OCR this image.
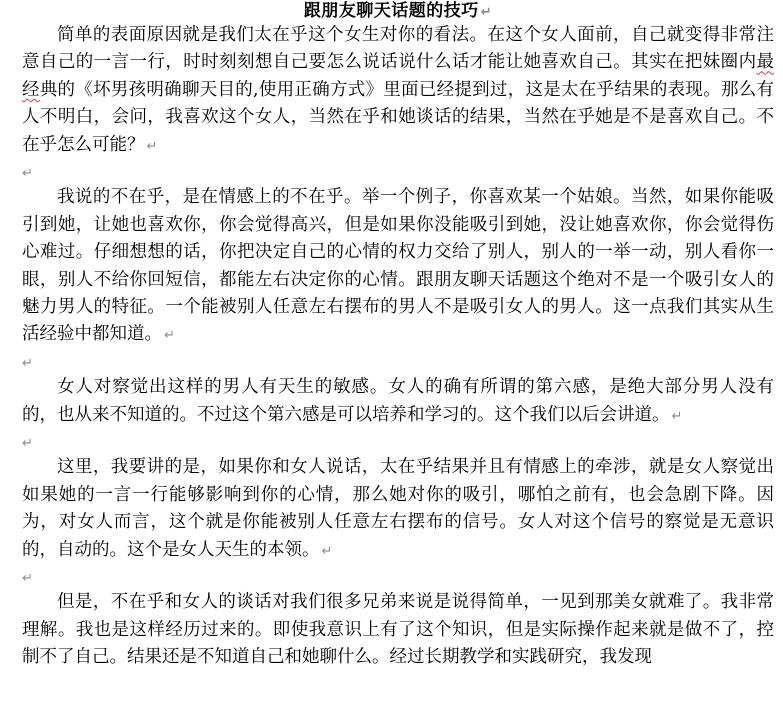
跟朋友聊天话题的技巧 ↵

简单的表面原因就是我们太在乎这个女生对你的看法。在这个女人面前，自己就变得非常注意自己的一言一行，时时刻刻想自己要怎么说话说什么话才能让她喜欢自己。其实在把妹圈内最经典的《坏男孩明确聊天目的,使用正确方式》里面已经提到过，这是太在乎结果的表现。那么有人不明白，会问，我喜欢这个女人，当然在乎和她谈话的结果，当然在乎她是不是喜欢自己。不在乎怎么可能？ ↵

↵

我说的不在乎，是在情感上的不在乎。举一个例子，你喜欢某一个姑娘。当然，如果你能吸引到她，让她也喜欢你，你会觉得高兴，但是如果你没能吸引到她，没让她喜欢你，你会觉得伤心难过。仔细想想的话，你把决定自己的心情的权力交给了别人，别人的一举一动，别人看你一眼，别人不给你回短信，都能左右决定你的心情。跟朋友聊天话题这个绝对不是一个吸引女人的魅力男人的特征。一个能被别人任意左右摆布的男人不是吸引女人的男人。这一点我们其实从生活经验中都知道。 ↵

↵

女人对察觉出这样的男人有天生的敏感。女人的确有所谓的第六感，是绝大部分男人没有的，也从来不知道的。不过这个第六感是可以培养和学习的。这个我们以后会讲道。 ↵

↵

这里，我要讲的是，如果你和女人说话，太在乎结果并且有情感上的牵涉，就是女人察觉出如果她的一言一行能够影响到你的心情，那么她对你的吸引，哪怕之前有，也会急剧下降。因为，对女人而言，这个就是你能被别人任意左右摆布的信号。女人对这个信号的察觉是无意识的，自动的。这个是女人天生的本领。 ↵

↵

但是，不在乎和女人的谈话对我们很多兄弟来说是说得简单，一见到那美女就难了。我非常理解。我也是这样经历过来的。即使我意识上有了这个知识，但是实际操作起来就是做不了，控制不了自己。结果还是不知道自己和她聊什么。经过长期教学和实践研究，我发现
